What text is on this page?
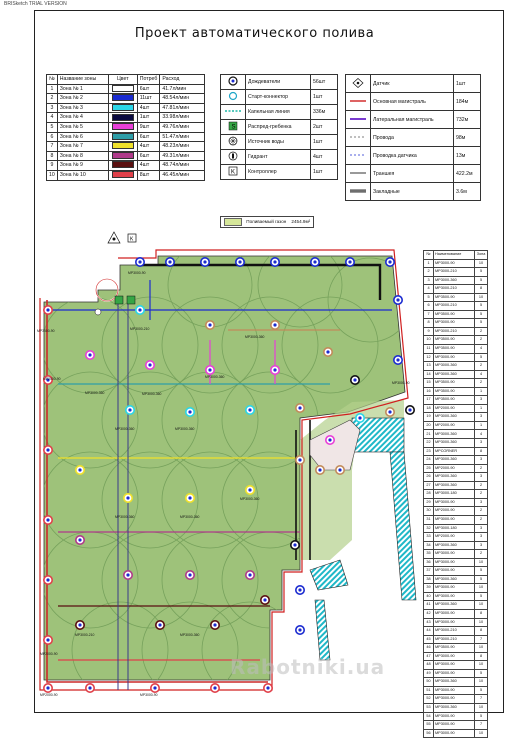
BRISketch TRIAL VERSION
Проект автоматического полива
№	Название зоны	Цвет	Потреб	Расход
1	Зона № 1		6шт	41.7л/мин
2	Зона № 2		11шт	48.54л/мин
3	Зона № 3		4шт	47.81л/мин
4	Зона № 4		1шт	33.98л/мин
5	Зона № 5		9шт	49.76л/мин
6	Зона № 6		6шт	51.47л/мин
7	Зона № 7		4шт	48.23л/мин
8	Зона № 8		6шт	49.31л/мин
9	Зона № 9		4шт	48.74л/мин
10	Зона № 10		8шт	46.45л/мин
	Дождеватели	56шт
	Старт-коннектор	1шт
	Капельная линия	336м

S	Распред-гребенка	2шт
	Источник воды	1шт
	Гидрант	4шт

K	Контроллер	1шт
	Датчик	1шт
	Основная магистраль	184м
	Латеральная магистраль	732м
	Провода	98м
	Проводка датчика	13м
	Траншея	422.2м
	Закладные	3.6м
Поливаемый газон 2454.9м²
K
MP3000-90
MP3000-210
MP3000-360
MP3500-90
MP3000-90
MP2000-90
MP3000-360
MP3000-360
MP3000-360
MP3000-360	MP3000-360
MP3000-360	MP3000-360
MP3000-360
MP3000-210	MP3000-360
MP3000-90
MP2000-90
MP2000-90
№	Наименование	Зона
1	MP3000-90	10
2	MP3000-210	5
3	MP3000-360	5
4	MP3000-210	8
5	MP3500-90	10
6	MP3000-210	5
7	MP3500-90	5
8	MP3000-90	5
9	MP3000-210	2
10	MP3500-90	2
11	MP3500-90	4
12	MP3000-90	5
13	MP3000-360	2
14	MP3000-360	4
15	MP3500-90	2
16	MP3500-90	1
17	MP3500-90	3
18	MP2000-90	1
19	MP3000-360	3
20	MP2000-90	1
21	MP3000-360	4
22	MP3000-360	3
23	MPCORNER	8
24	MP3000-360	3
25	MP2000-90	2
26	MP3000-360	3
27	MP3000-360	2
28	MP3000-180	2
29	MP3000-90	3
30	MP2000-90	2
31	MP3000-90	2
32	MP3000-180	3
33	MP2000-90	3
34	MP3000-360	3
35	MP3000-90	2
36	MP3000-90	10
37	MP3000-90	5
38	MP3000-360	5
39	MP3000-90	10
40	MP3000-90	5
41	MP3000-360	10
42	MP3000-90	8
43	MP3000-90	10
44	MP3000-210	8
45	MP3000-210	7
46	MP3500-90	10
47	MP3000-90	8
48	MP3000-90	10
49	MP3000-90	5
50	MP3000-360	10
51	MP3000-90	5
52	MP3000-90	7
53	MP3000-360	10
54	MP3000-90	5
55	MP3000-90	7
56	MP3000-90	10
Rabotniki.ua
